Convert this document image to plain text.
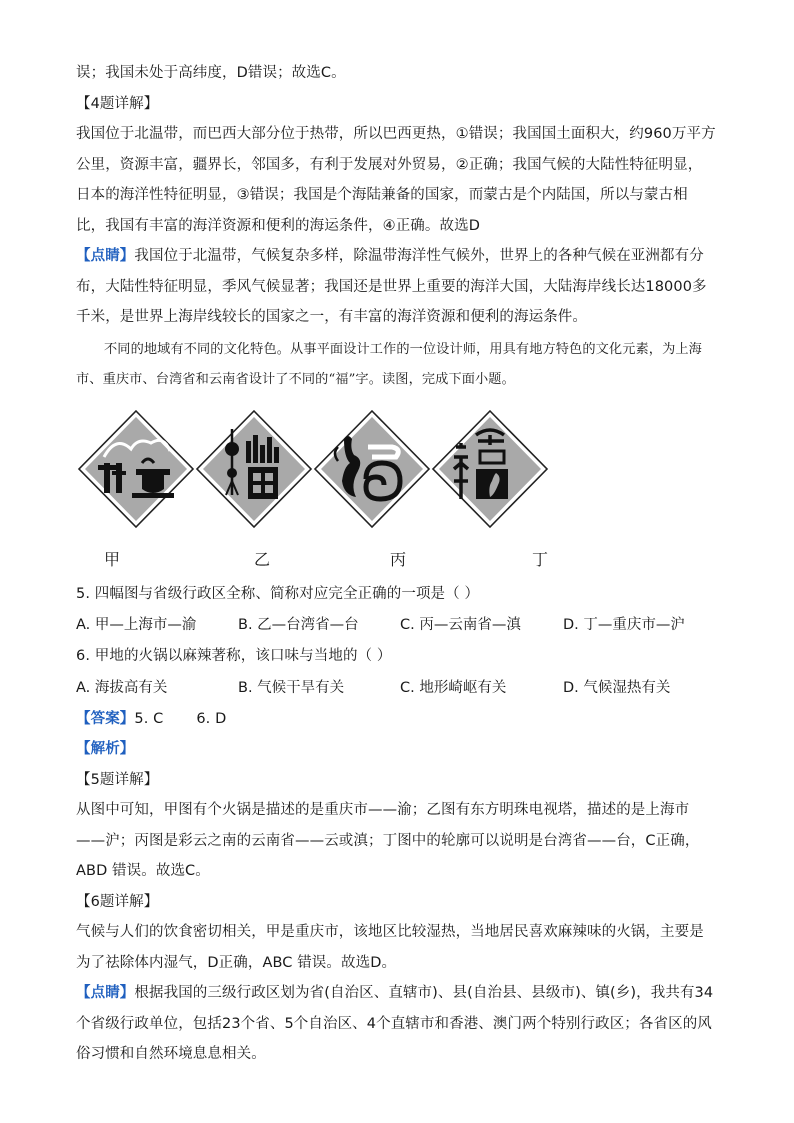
误；我国未处于高纬度，D错误；故选C。

【4题详解】

我国位于北温带，而巴西大部分位于热带，所以巴西更热，①错误；我国国土面积大，约960万平方公里，资源丰富，疆界长，邻国多，有利于发展对外贸易，②正确；我国气候的大陆性特征明显，日本的海洋性特征明显，③错误；我国是个海陆兼备的国家，而蒙古是个内陆国，所以与蒙古相比，我国有丰富的海洋资源和便利的海运条件，④正确。故选D

【点睛】我国位于北温带，气候复杂多样，除温带海洋性气候外，世界上的各种气候在亚洲都有分布，大陆性特征明显，季风气候显著；我国还是世界上重要的海洋大国，大陆海岸线长达18000多千米，是世界上海岸线较长的国家之一，有丰富的海洋资源和便利的海运条件。

不同的地域有不同的文化特色。从事平面设计工作的一位设计师，用具有地方特色的文化元素，为上海市、重庆市、台湾省和云南省设计了不同的“福”字。读图，完成下面小题。

甲	乙	丙	丁

5. 四幅图与省级行政区全称、简称对应完全正确的一项是（ ）

A. 甲—上海市—渝	B. 乙—台湾省—台	C. 丙—云南省—滇	D. 丁—重庆市—沪

6. 甲地的火锅以麻辣著称，该口味与当地的（ ）

A. 海拔高有关	B. 气候干旱有关	C. 地形崎岖有关	D. 气候湿热有关

【答案】5. C       6. D

【解析】

【5题详解】

从图中可知，甲图有个火锅是描述的是重庆市——渝；乙图有东方明珠电视塔，描述的是上海市——沪；丙图是彩云之南的云南省——云或滇；丁图中的轮廓可以说明是台湾省——台，C正确，ABD 错误。故选C。

【6题详解】

气候与人们的饮食密切相关，甲是重庆市，该地区比较湿热，当地居民喜欢麻辣味的火锅，主要是为了祛除体内湿气，D正确，ABC 错误。故选D。

【点睛】根据我国的三级行政区划为省(自治区、直辖市)、县(自治县、县级市)、镇(乡)，我共有34个省级行政单位，包括23个省、5个自治区、4个直辖市和香港、澳门两个特别行政区；各省区的风俗习惯和自然环境息息相关。
